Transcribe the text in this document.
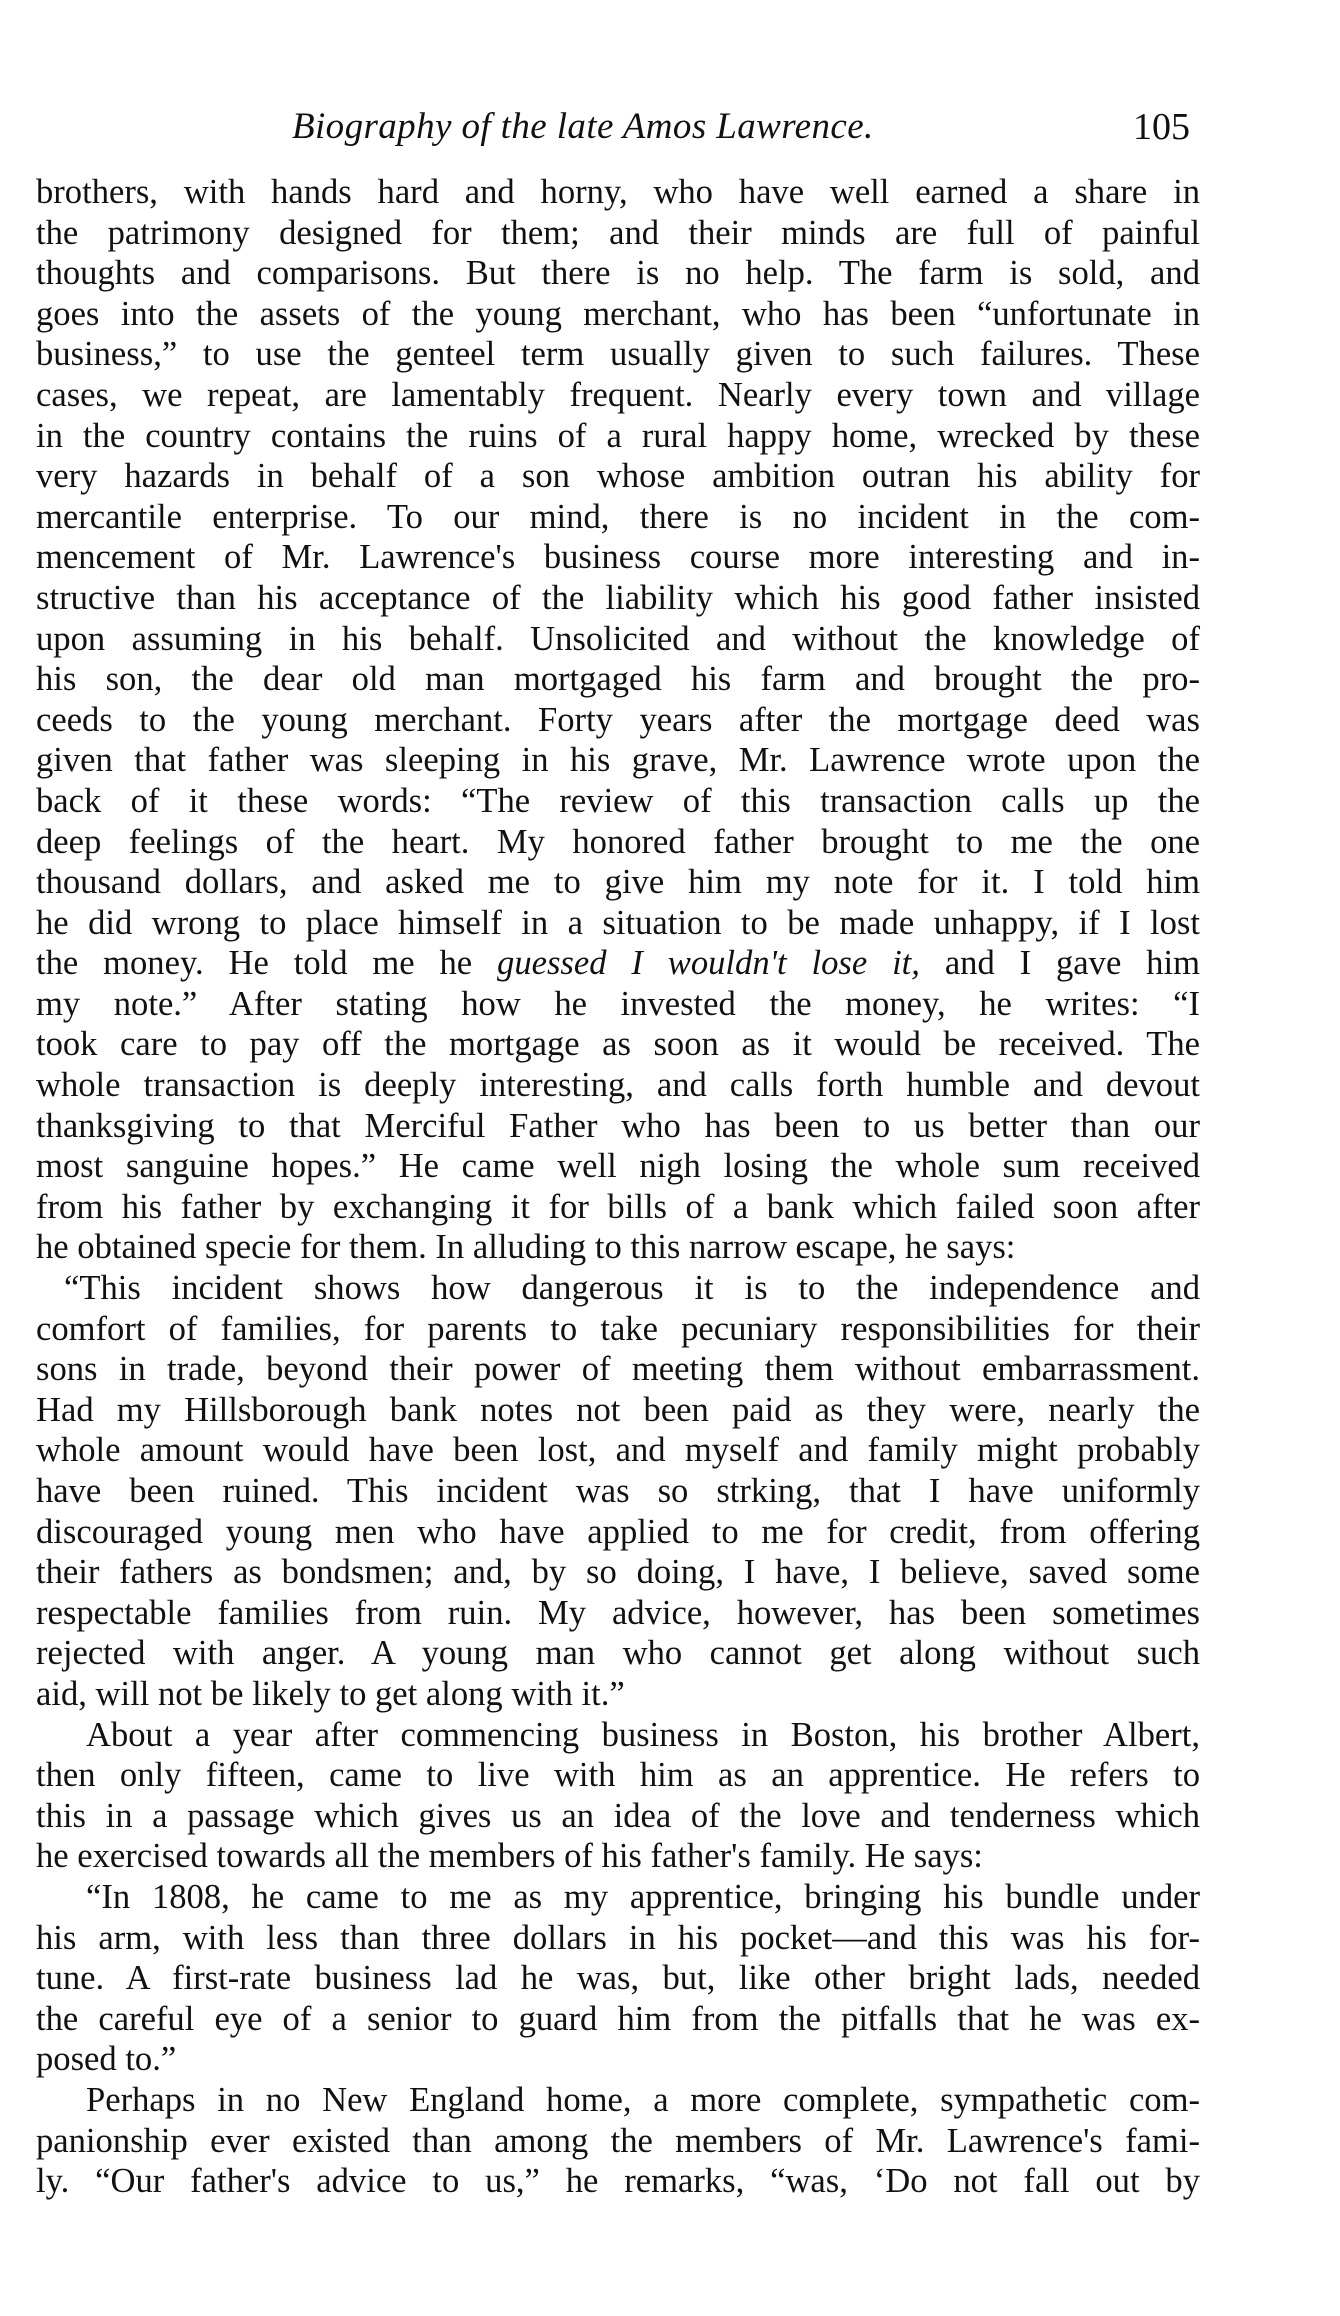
Biography of the late Amos Lawrence.	105
brothers, with hands hard and horny, who have well earned a share in
the patrimony designed for them; and their minds are full of painful
thoughts and comparisons. But there is no help. The farm is sold, and
goes into the assets of the young merchant, who has been “unfortunate in
business,” to use the genteel term usually given to such failures. These
cases, we repeat, are lamentably frequent. Nearly every town and village
in the country contains the ruins of a rural happy home, wrecked by these
very hazards in behalf of a son whose ambition outran his ability for
mercantile enterprise. To our mind, there is no incident in the com-
mencement of Mr. Lawrence's business course more interesting and in-
structive than his acceptance of the liability which his good father insisted
upon assuming in his behalf. Unsolicited and without the knowledge of
his son, the dear old man mortgaged his farm and brought the pro-
ceeds to the young merchant. Forty years after the mortgage deed was
given that father was sleeping in his grave, Mr. Lawrence wrote upon the
back of it these words: “The review of this transaction calls up the
deep feelings of the heart. My honored father brought to me the one
thousand dollars, and asked me to give him my note for it. I told him
he did wrong to place himself in a situation to be made unhappy, if I lost
the money. He told me he guessed I wouldn't lose it, and I gave him
my note.” After stating how he invested the money, he writes: “I
took care to pay off the mortgage as soon as it would be received. The
whole transaction is deeply interesting, and calls forth humble and devout
thanksgiving to that Merciful Father who has been to us better than our
most sanguine hopes.” He came well nigh losing the whole sum received
from his father by exchanging it for bills of a bank which failed soon after
he obtained specie for them. In alluding to this narrow escape, he says:
“This incident shows how dangerous it is to the independence and
comfort of families, for parents to take pecuniary responsibilities for their
sons in trade, beyond their power of meeting them without embarrassment.
Had my Hillsborough bank notes not been paid as they were, nearly the
whole amount would have been lost, and myself and family might probably
have been ruined. This incident was so strking, that I have uniformly
discouraged young men who have applied to me for credit, from offering
their fathers as bondsmen; and, by so doing, I have, I believe, saved some
respectable families from ruin. My advice, however, has been sometimes
rejected with anger. A young man who cannot get along without such
aid, will not be likely to get along with it.”
About a year after commencing business in Boston, his brother Albert,
then only fifteen, came to live with him as an apprentice. He refers to
this in a passage which gives us an idea of the love and tenderness which
he exercised towards all the members of his father's family. He says:
“In 1808, he came to me as my apprentice, bringing his bundle under
his arm, with less than three dollars in his pocket—and this was his for-
tune. A first-rate business lad he was, but, like other bright lads, needed
the careful eye of a senior to guard him from the pitfalls that he was ex-
posed to.”
Perhaps in no New England home, a more complete, sympathetic com-
panionship ever existed than among the members of Mr. Lawrence's fami-
ly. “Our father's advice to us,” he remarks, “was, ‘Do not fall out by
